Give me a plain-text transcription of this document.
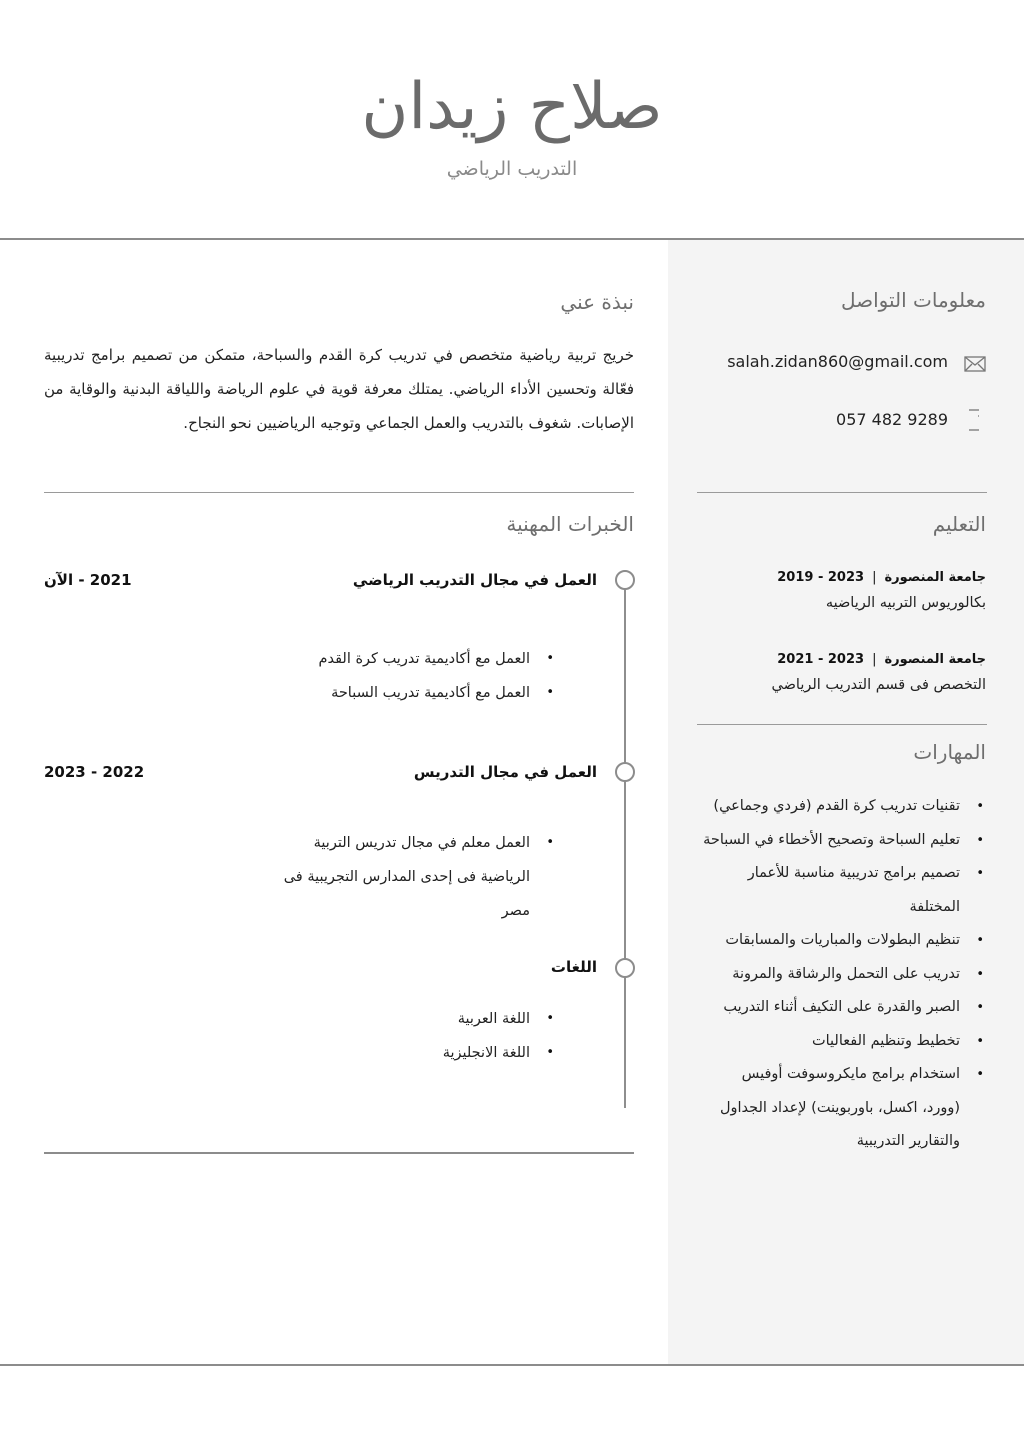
صلاح زيدان
التدريب الرياضي
معلومات التواصل
salah.zidan860@gmail.com
057 482 9289
التعليم
جامعة المنصورة|2023 - 2019
بكالوريوس التربيه الرياضيه
جامعة المنصورة|2023 - 2021
التخصص فى قسم التدريب الرياضي
المهارات
• تقنيات تدريب كرة القدم (فردي وجماعي)
• تعليم السباحة وتصحيح الأخطاء في السباحة
• تصميم برامج تدريبية مناسبة للأعمار المختلفة
• تنظيم البطولات والمباريات والمسابقات
• تدريب على التحمل والرشاقة والمرونة
• الصبر والقدرة على التكيف أثناء التدريب
• تخطيط وتنظيم الفعاليات
• استخدام برامج مايكروسوفت أوفيس (وورد، اكسل، باوربوينت) لإعداد الجداول والتقارير التدريبية
نبذة عني
خريج تربية رياضية متخصص في تدريب كرة القدم والسباحة، متمكن من تصميم برامج تدريبية فعّالة وتحسين الأداء الرياضي. يمتلك معرفة قوية في علوم الرياضة واللياقة البدنية والوقاية من الإصابات. شغوف بالتدريب والعمل الجماعي وتوجيه الرياضيين نحو النجاح.
الخبرات المهنية
العمل في مجال التدريب الرياضي
2021 - الآن
• العمل مع أكاديمية تدريب كرة القدم
• العمل مع أكاديمية تدريب السباحة
العمل في مجال التدريس
2022 - 2023
• العمل معلم في مجال تدريس التربية الرياضية فى إحدى المدارس التجريبية فى مصر
اللغات
• اللغة العربية
• اللغة الانجليزية
